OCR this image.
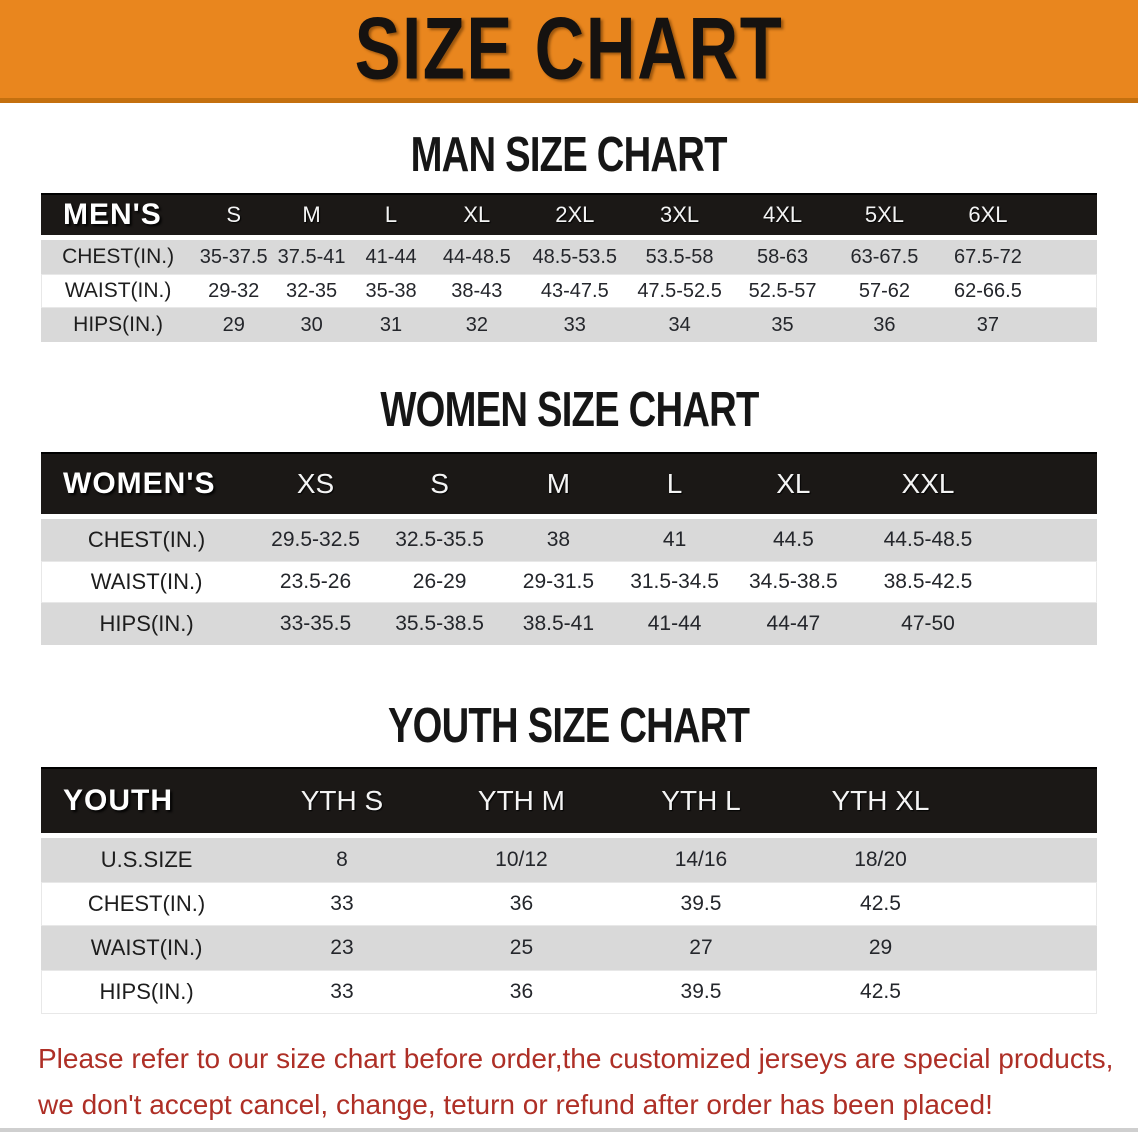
SIZE CHART
MAN SIZE CHART
MEN'S	S	M	L	XL	2XL	3XL	4XL	5XL	6XL
CHEST(IN.)	35-37.5 37.5-41 41-44	44-48.5	48.5-53.5	53.5-58	58-63	63-67.5	67.5-72
WAIST(IN.)	29-32	32-35	35-38	38-43	43-47.5	47.5-52.5	52.5-57	57-62	62-66.5
HIPS(IN.)	29	30	31	32	33	34	35	36	37
WOMEN SIZE CHART
WOMEN'S	XS	S	M	L	XL	XXL
CHEST(IN.)	29.5-32.5	32.5-35.5	38	41	44.5	44.5-48.5
WAIST(IN.)	23.5-26	26-29	29-31.5	31.5-34.5	34.5-38.5	38.5-42.5
HIPS(IN.)	33-35.5	35.5-38.5	38.5-41	41-44	44-47	47-50
YOUTH SIZE CHART
YOUTH	YTH S	YTH M	YTH L	YTH XL
U.S.SIZE	8	10/12	14/16	18/20
CHEST(IN.)	33	36	39.5	42.5
WAIST(IN.)	23	25	27	29
HIPS(IN.)	33	36	39.5	42.5
Please refer to our size chart before order,the customized jerseys are special products,
we don't accept cancel, change, teturn or refund after order has been placed!
